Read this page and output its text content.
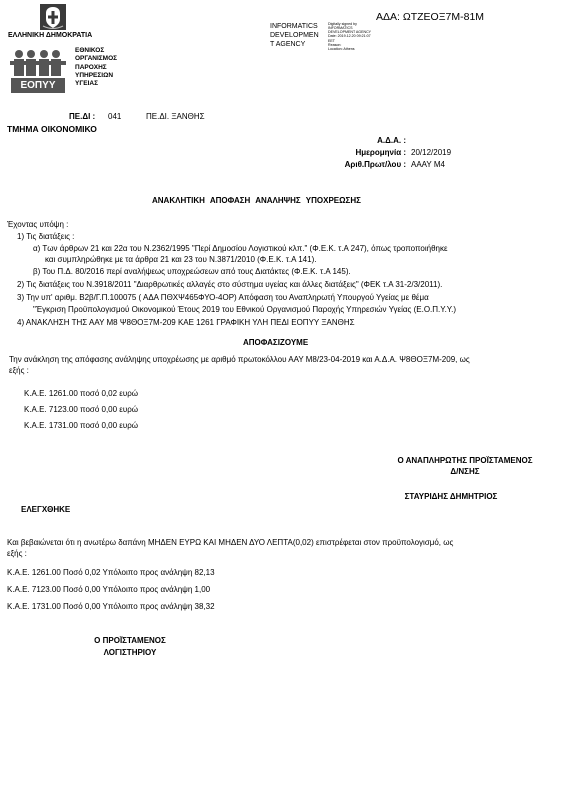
ΕΛΛΗΝΙΚΗ ΔΗΜΟΚΡΑΤΙΑ
ΕΟΠΥΥ
ΕΘΝΙΚΟΣ
ΟΡΓΑΝΙΣΜΟΣ
ΠΑΡΟΧΗΣ
ΥΠΗΡΕΣΙΩΝ
ΥΓΕΙΑΣ
INFORMATICS
DEVELOPMEN
T AGENCY
Digitally signed by
INFORMATICS
DEVELOPMENT AGENCY
Date: 2019.12.20 09:21:07
EET
Reason:
Location: Athens
ΑΔΑ: ΩΤΖΕΟΞ7Μ-81Μ
ΠΕ.ΔΙ : 041	ΠΕ.ΔΙ. ΞΑΝΘΗΣ
ΤΜΗΜΑ ΟΙΚΟΝΟΜΙΚΟ
Α.Δ.Α. :
Ημερομηνία : 20/12/2019
Αριθ.Πρωτ/λου : ΑΑΑΥ Μ4
ΑΝΑΚΛΗΤΙΚΗ ΑΠΟΦΑΣΗ ΑΝΑΛΗΨΗΣ ΥΠΟΧΡΕΩΣΗΣ
Έχοντας υπόψη :
1) Τις διατάξεις :
α) Των άρθρων 21 και 22α του Ν.2362/1995 "Περί Δημοσίου Λογιστικού κλπ." (Φ.Ε.Κ. τ.Α 247), όπως τροποποιήθηκε
και συμπληρώθηκε με τα άρθρα 21 και 23 του Ν.3871/2010 (Φ.Ε.Κ. τ.Α 141).
β) Του Π.Δ. 80/2016 περί αναλήψεως υποχρεώσεων από τους Διατάκτες (Φ.Ε.Κ. τ.Α 145).
2) Τις διατάξεις του Ν.3918/2011 "Διαρθρωτικές αλλαγές στο σύστημα υγείας και άλλες διατάξεις" (ΦΕΚ τ.Α 31-2/3/2011).
3) Την υπ' αριθμ. Β2β/Γ.Π.100075 ( ΑΔΑ ΠΘΧΨ465ΦΥΟ-4ΟΡ) Απόφαση του Αναπληρωτή Υπουργού Υγείας με θέμα
"Έγκριση Προϋπολογισμού Οικονομικού Έτους 2019 του Εθνικού Οργανισμού Παροχής Υπηρεσιών Υγείας (Ε.Ο.Π.Υ.Υ.)
4) ΑΝΑΚΛΗΣΗ ΤΗΣ ΑΑΥ Μ8 Ψ8ΘΟΞ7Μ-209 ΚΑΕ 1261 ΓΡΑΦΙΚΗ ΥΛΗ ΠΕΔΙ ΕΟΠΥΥ ΞΑΝΘΗΣ
ΑΠΟΦΑΣΙΖΟΥΜΕ
Την ανάκληση της απόφασης ανάληψης υποχρέωσης με αριθμό πρωτοκόλλου ΑΑΥ Μ8/23-04-2019 και Α.Δ.Α. Ψ8ΘΟΞ7Μ-209, ως
εξής :
Κ.Α.Ε. 1261.00 ποσό 0,02 ευρώ
Κ.Α.Ε. 7123.00 ποσό 0,00 ευρώ
Κ.Α.Ε. 1731.00 ποσό 0,00 ευρώ
Ο ΑΝΑΠΛΗΡΩΤΗΣ ΠΡΟΪΣΤΑΜΕΝΟΣ
Δ/ΝΣΗΣ
ΣΤΑΥΡΙΔΗΣ ΔΗΜΗΤΡΙΟΣ
ΕΛΕΓΧΘΗΚΕ
Και βεβαιώνεται ότι η ανωτέρω δαπάνη ΜΗΔΕΝ ΕΥΡΩ ΚΑΙ ΜΗΔΕΝ ΔΥΟ ΛΕΠΤΑ(0,02) επιστρέφεται στον προϋπολογισμό, ως
εξής :
Κ.Α.Ε. 1261.00 Ποσό 0,02 Υπόλοιπο προς ανάληψη 82,13
Κ.Α.Ε. 7123.00 Ποσό 0,00 Υπόλοιπο προς ανάληψη 1,00
Κ.Α.Ε. 1731.00 Ποσό 0,00 Υπόλοιπο προς ανάληψη 38,32
Ο ΠΡΟΪΣΤΑΜΕΝΟΣ
ΛΟΓΙΣΤΗΡΙΟΥ
